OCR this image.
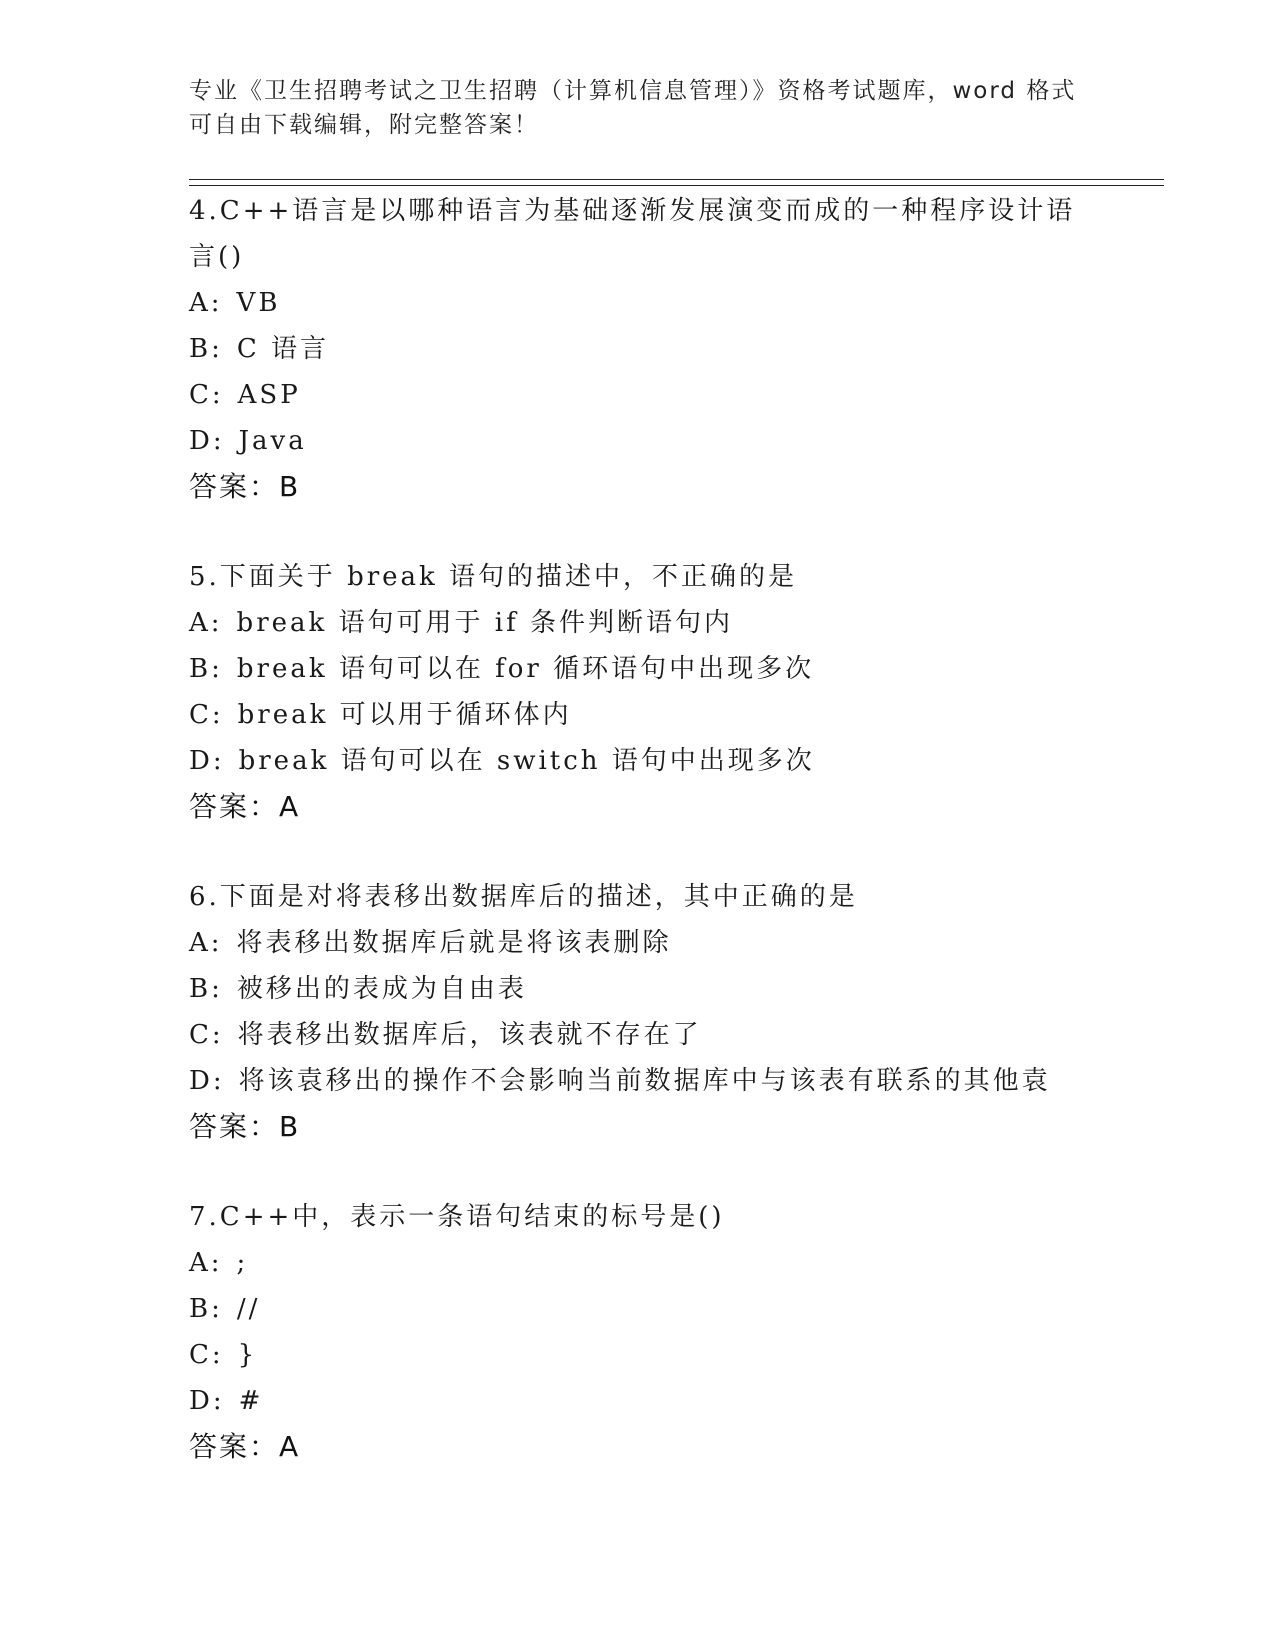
专业《卫生招聘考试之卫生招聘（计算机信息管理）》资格考试题库，word 格式
可自由下载编辑，附完整答案！
4.C++语言是以哪种语言为基础逐渐发展演变而成的一种程序设计语言()
A: VB
B: C 语言
C: ASP
D: Java
答案：B
5.下面关于 break 语句的描述中，不正确的是
A: break 语句可用于 if 条件判断语句内
B: break 语句可以在 for 循环语句中出现多次
C: break 可以用于循环体内
D: break 语句可以在 switch 语句中出现多次
答案：A
6.下面是对将表移出数据库后的描述，其中正确的是
A: 将表移出数据库后就是将该表删除
B: 被移出的表成为自由表
C: 将表移出数据库后，该表就不存在了
D: 将该袁移出的操作不会影响当前数据库中与该表有联系的其他袁
答案：B
7.C++中，表示一条语句结束的标号是()
A: ;
B: //
C: }
D: #
答案：A
